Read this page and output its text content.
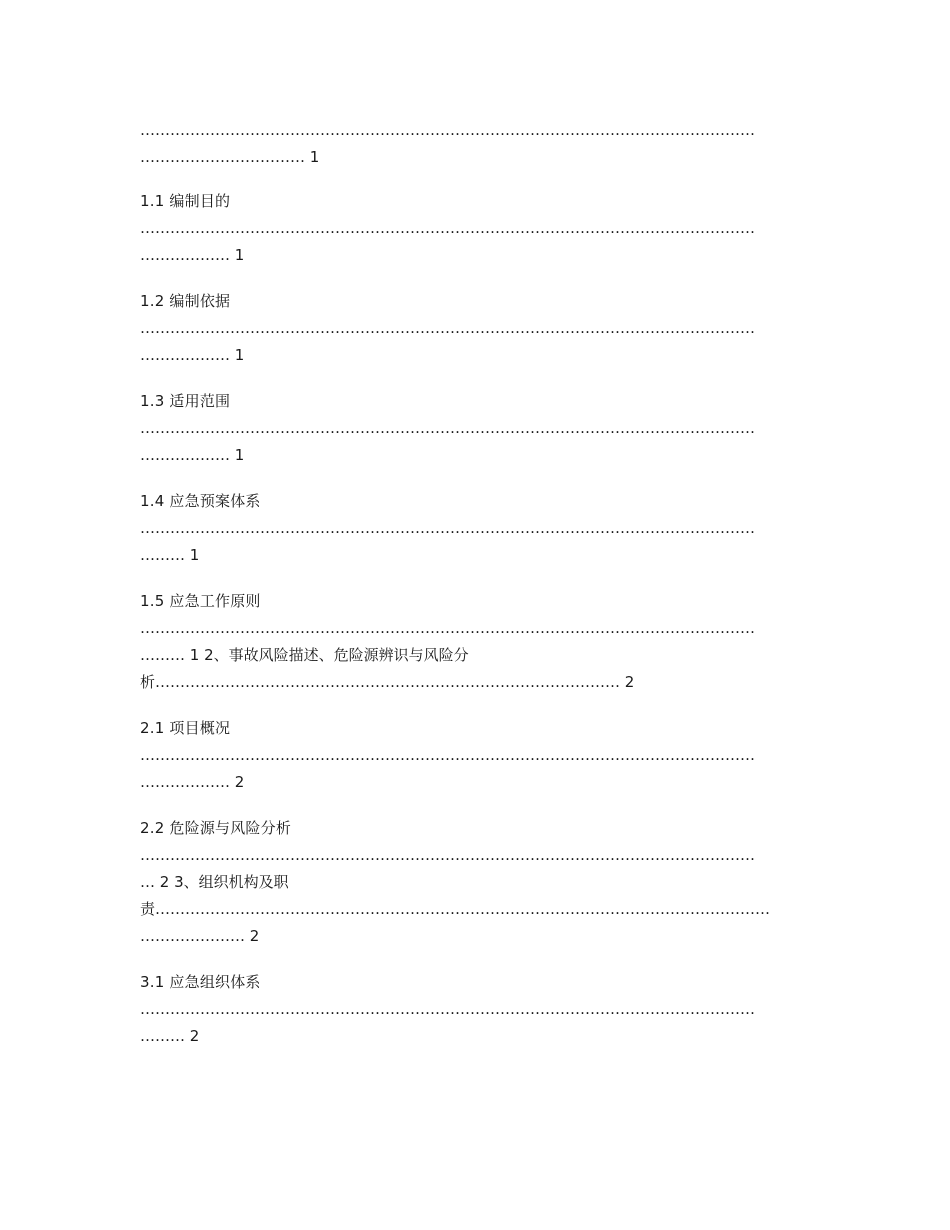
……………………………………………………………………………………………………………
…………………………… 1
1.1 编制目的
……………………………………………………………………………………………………………
……………… 1
1.2 编制依据
……………………………………………………………………………………………………………
……………… 1
1.3 适用范围
……………………………………………………………………………………………………………
……………… 1
1.4 应急预案体系
……………………………………………………………………………………………………………
……… 1
1.5 应急工作原则
……………………………………………………………………………………………………………
……… 1 2、事故风险描述、危险源辨识与风险分
析………………………………………………………………………………… 2
2.1 项目概况
……………………………………………………………………………………………………………
……………… 2
2.2 危险源与风险分析
……………………………………………………………………………………………………………
… 2 3、组织机构及职
责……………………………………………………………………………………………………………
………………… 2
3.1 应急组织体系
……………………………………………………………………………………………………………
……… 2
